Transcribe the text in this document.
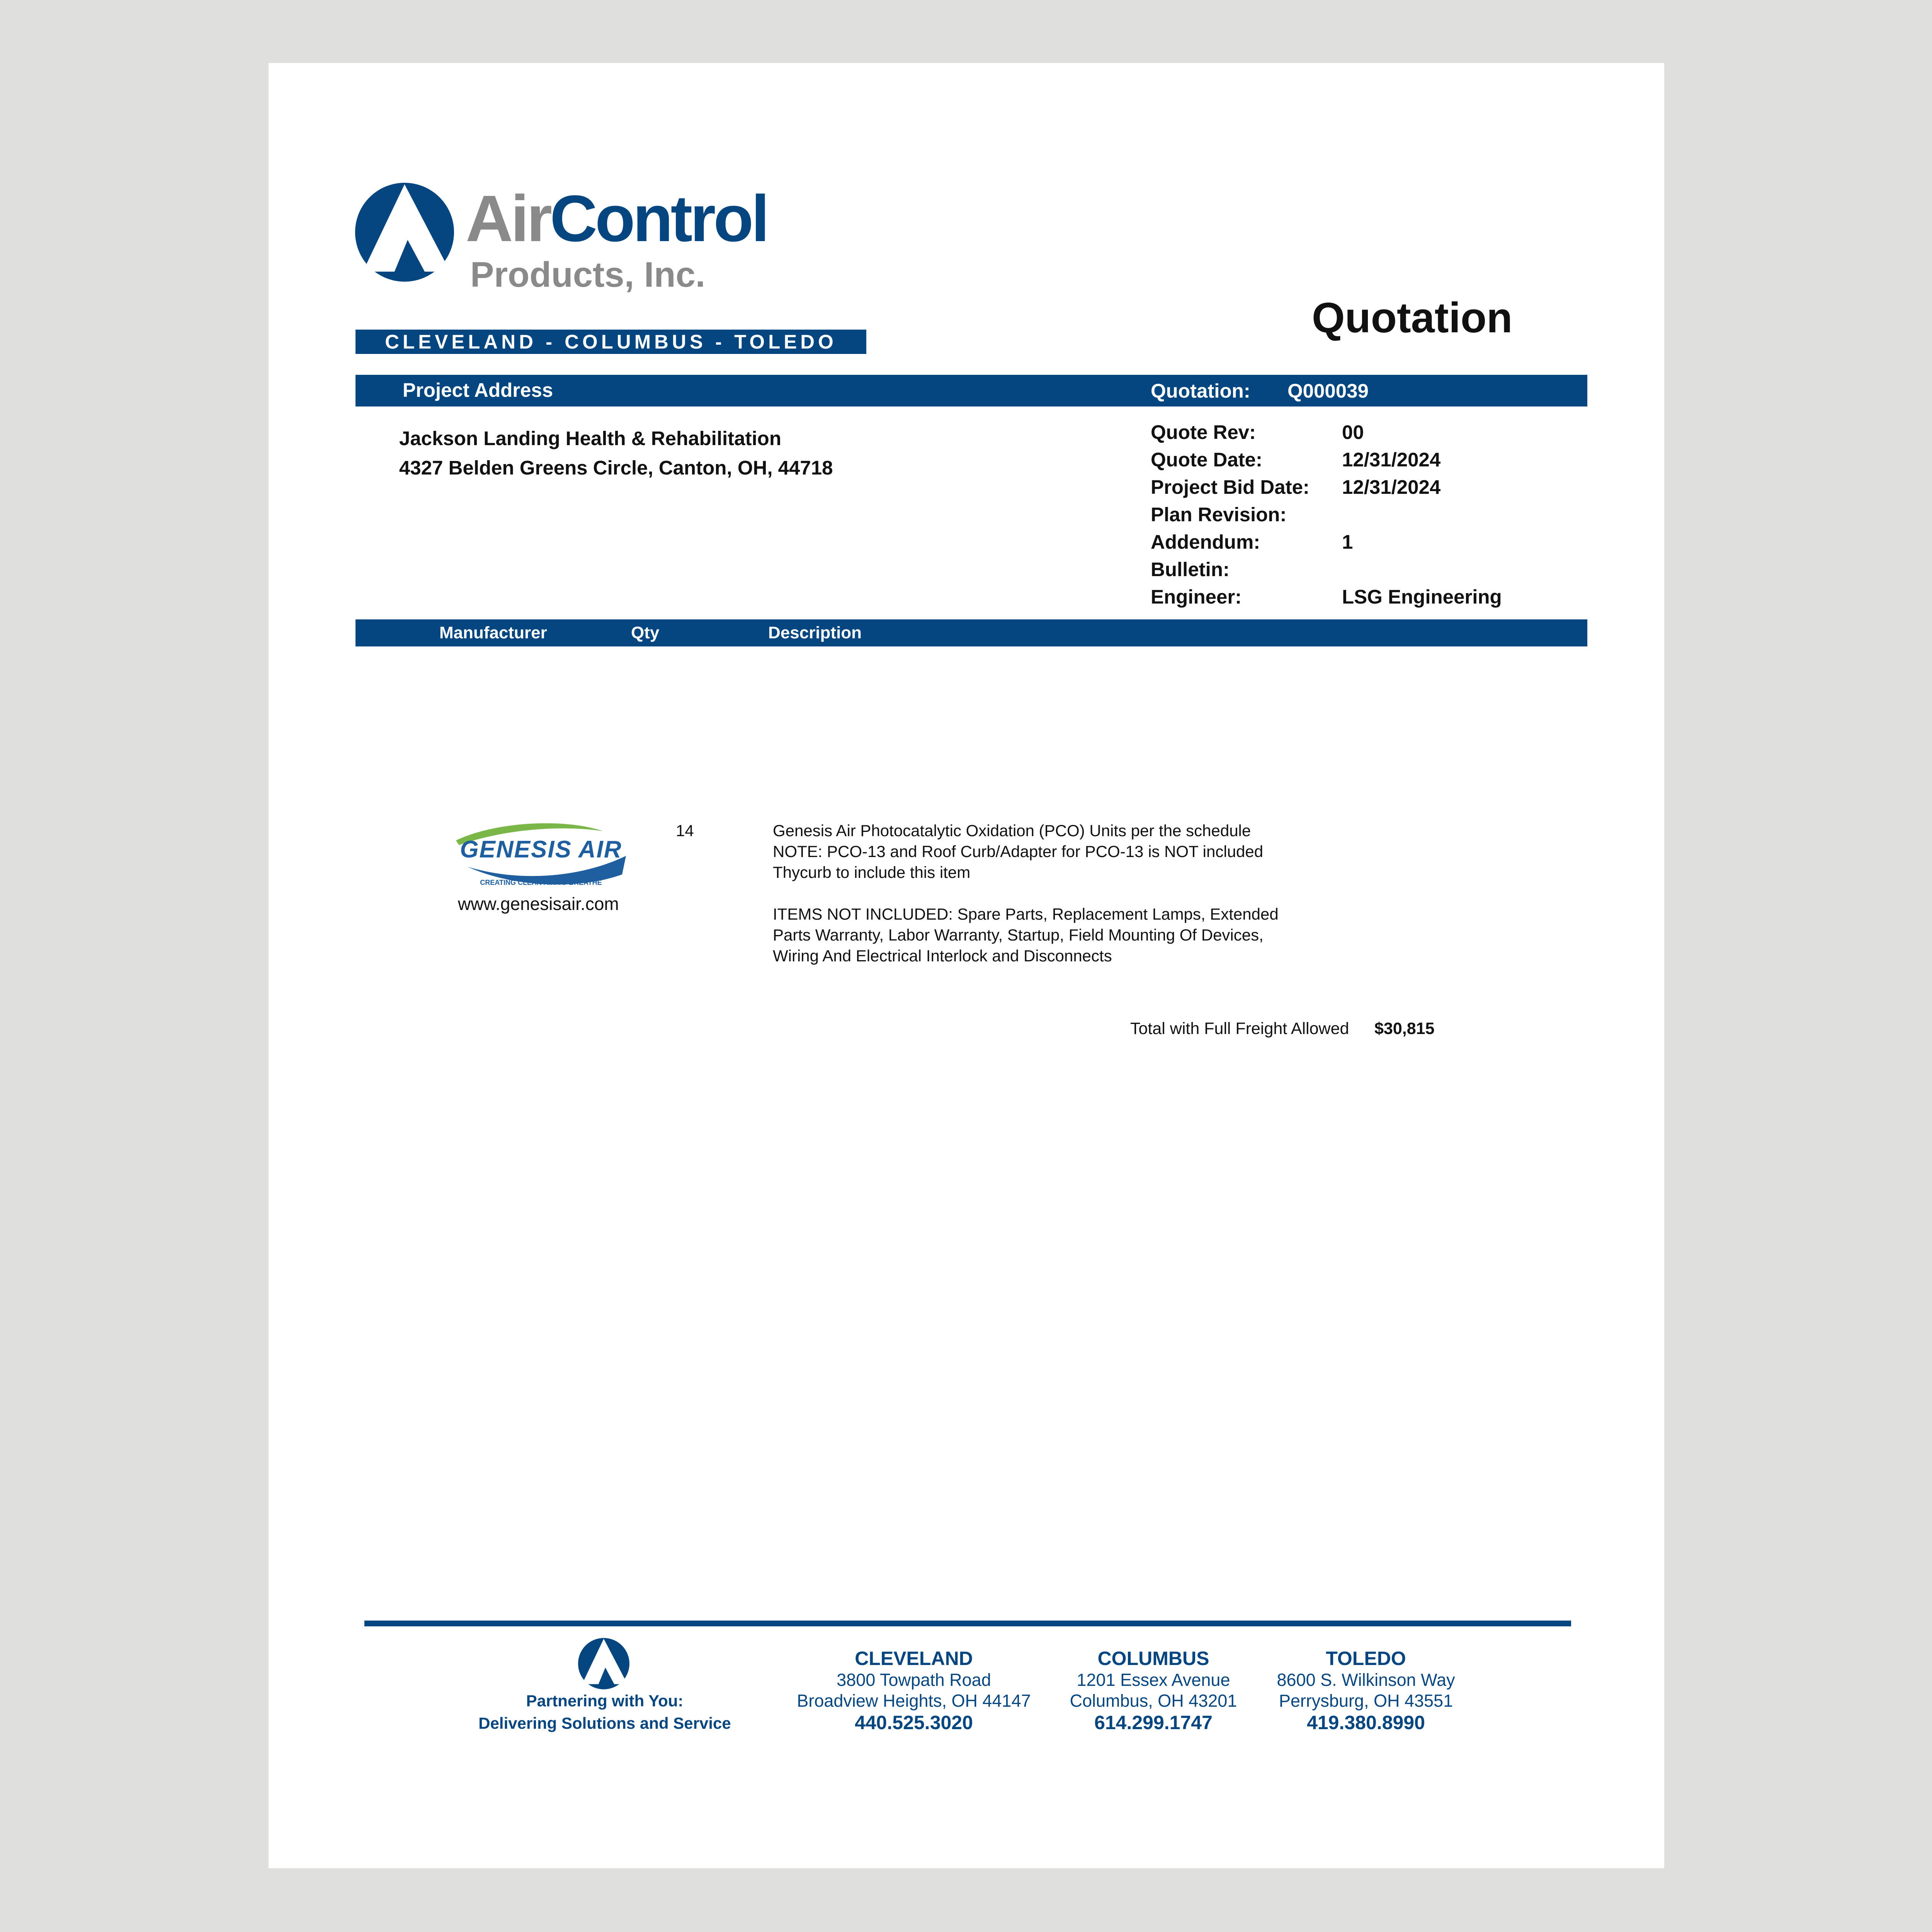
AirControl
Products, Inc.
CLEVELAND - COLUMBUS - TOLEDO
Quotation
Project Address	Quotation: Q000039
Jackson Landing Health & Rehabilitation
4327 Belden Greens Circle, Canton, OH, 44718
Quote Rev:	00
Quote Date:	12/31/2024
Project Bid Date: 12/31/2024
Plan Revision:
Addendum:	1
Bulletin:
Engineer:	LSG Engineering
Manufacturer	Qty	Description
GENESIS AIR
CREATING CLEAN AIR TO BREATHE
www.genesisair.com
14	Genesis Air Photocatalytic Oxidation (PCO) Units per the schedule
NOTE: PCO-13 and Roof Curb/Adapter for PCO-13 is NOT included
Thycurb to include this item
ITEMS NOT INCLUDED: Spare Parts, Replacement Lamps, Extended
Parts Warranty, Labor Warranty, Startup, Field Mounting Of Devices,
Wiring And Electrical Interlock and Disconnects
Total with Full Freight Allowed $30,815
Partnering with You:
Delivering Solutions and Service
CLEVELAND
3800 Towpath Road
Broadview Heights, OH 44147
440.525.3020
COLUMBUS
1201 Essex Avenue
Columbus, OH 43201
614.299.1747
TOLEDO
8600 S. Wilkinson Way
Perrysburg, OH 43551
419.380.8990
